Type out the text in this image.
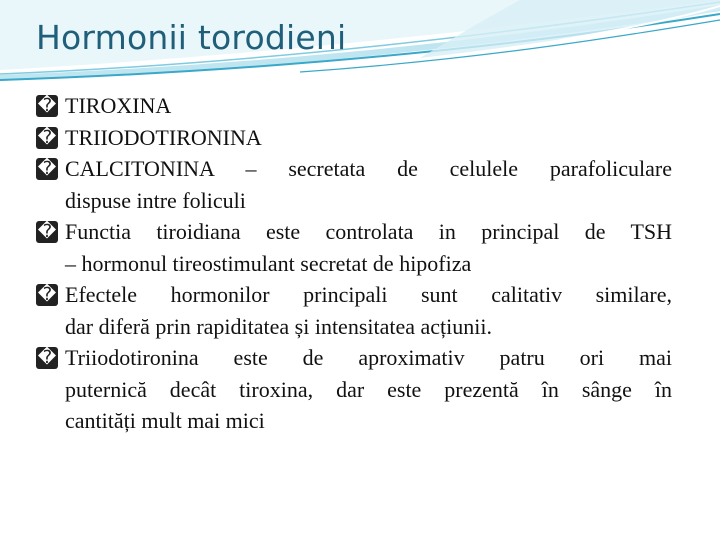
Hormonii torodieni
� TIROXINA
� TRIIODOTIRONINA
� CALCITONINA – secretata de celulele parafoliculare
dispuse intre foliculi
� Functia tiroidiana este controlata in principal de TSH
– hormonul tireostimulant secretat de hipofiza
� Efectele hormonilor principali sunt calitativ similare,
dar diferă prin rapiditatea și intensitatea acțiunii.
� Triiodotironina este de aproximativ patru ori mai
puternică decât tiroxina, dar este prezentă în sânge în
cantități mult mai mici
